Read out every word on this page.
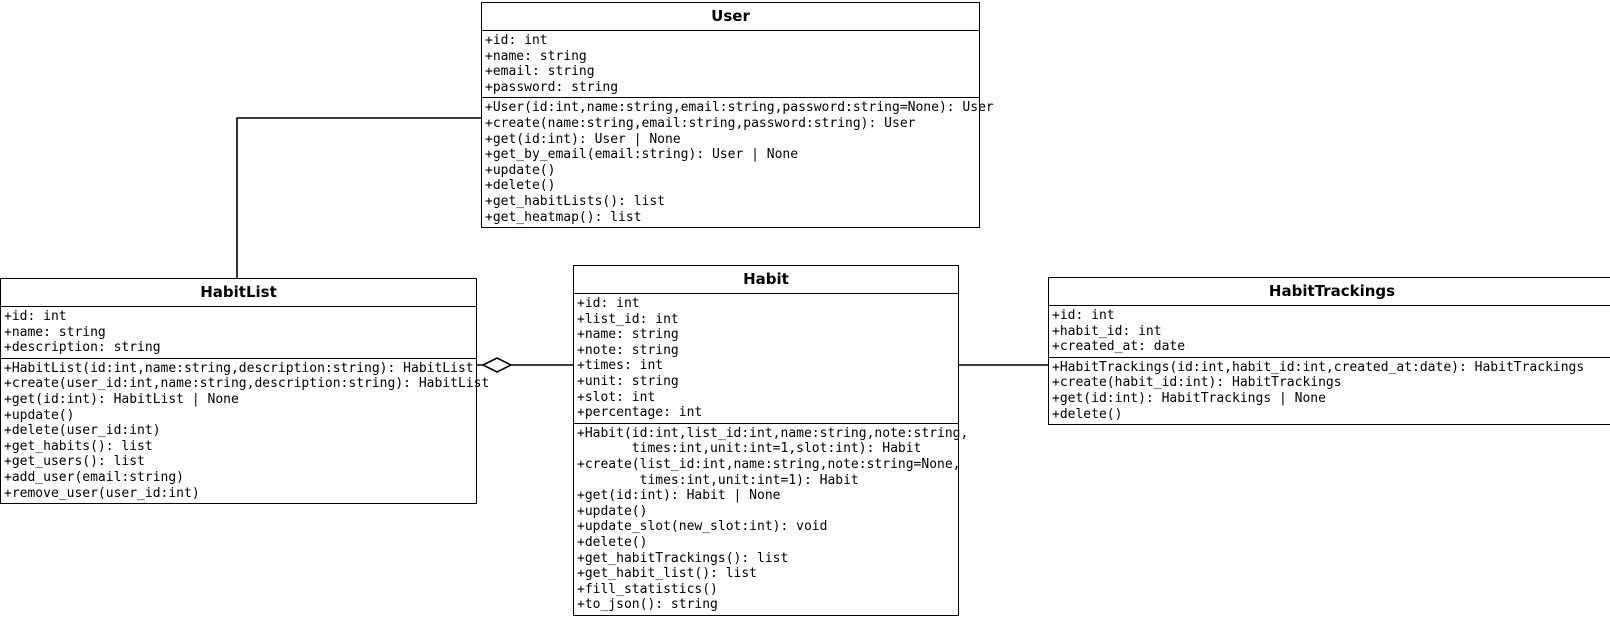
User
+id: int
+name: string
+email: string
+password: string
+User(id:int,name:string,email:string,password:string=None): User
+create(name:string,email:string,password:string): User
+get(id:int): User | None
+get_by_email(email:string): User | None
+update()
+delete()
+get_habitLists(): list
+get_heatmap(): list
HabitList
+id: int
+name: string
+description: string
+HabitList(id:int,name:string,description:string): HabitList
+create(user_id:int,name:string,description:string): HabitList
+get(id:int): HabitList | None
+update()
+delete(user_id:int)
+get_habits(): list
+get_users(): list
+add_user(email:string)
+remove_user(user_id:int)
Habit
+id: int
+list_id: int
+name: string
+note: string
+times: int
+unit: string
+slot: int
+percentage: int
+Habit(id:int,list_id:int,name:string,note:string,
times:int,unit:int=1,slot:int): Habit
+create(list_id:int,name:string,note:string=None,
times:int,unit:int=1): Habit
+get(id:int): Habit | None
+update()
+update_slot(new_slot:int): void
+delete()
+get_habitTrackings(): list
+get_habit_list(): list
+fill_statistics()
+to_json(): string
HabitTrackings
+id: int
+habit_id: int
+created_at: date
+HabitTrackings(id:int,habit_id:int,created_at:date): HabitTrackings
+create(habit_id:int): HabitTrackings
+get(id:int): HabitTrackings | None
+delete()
